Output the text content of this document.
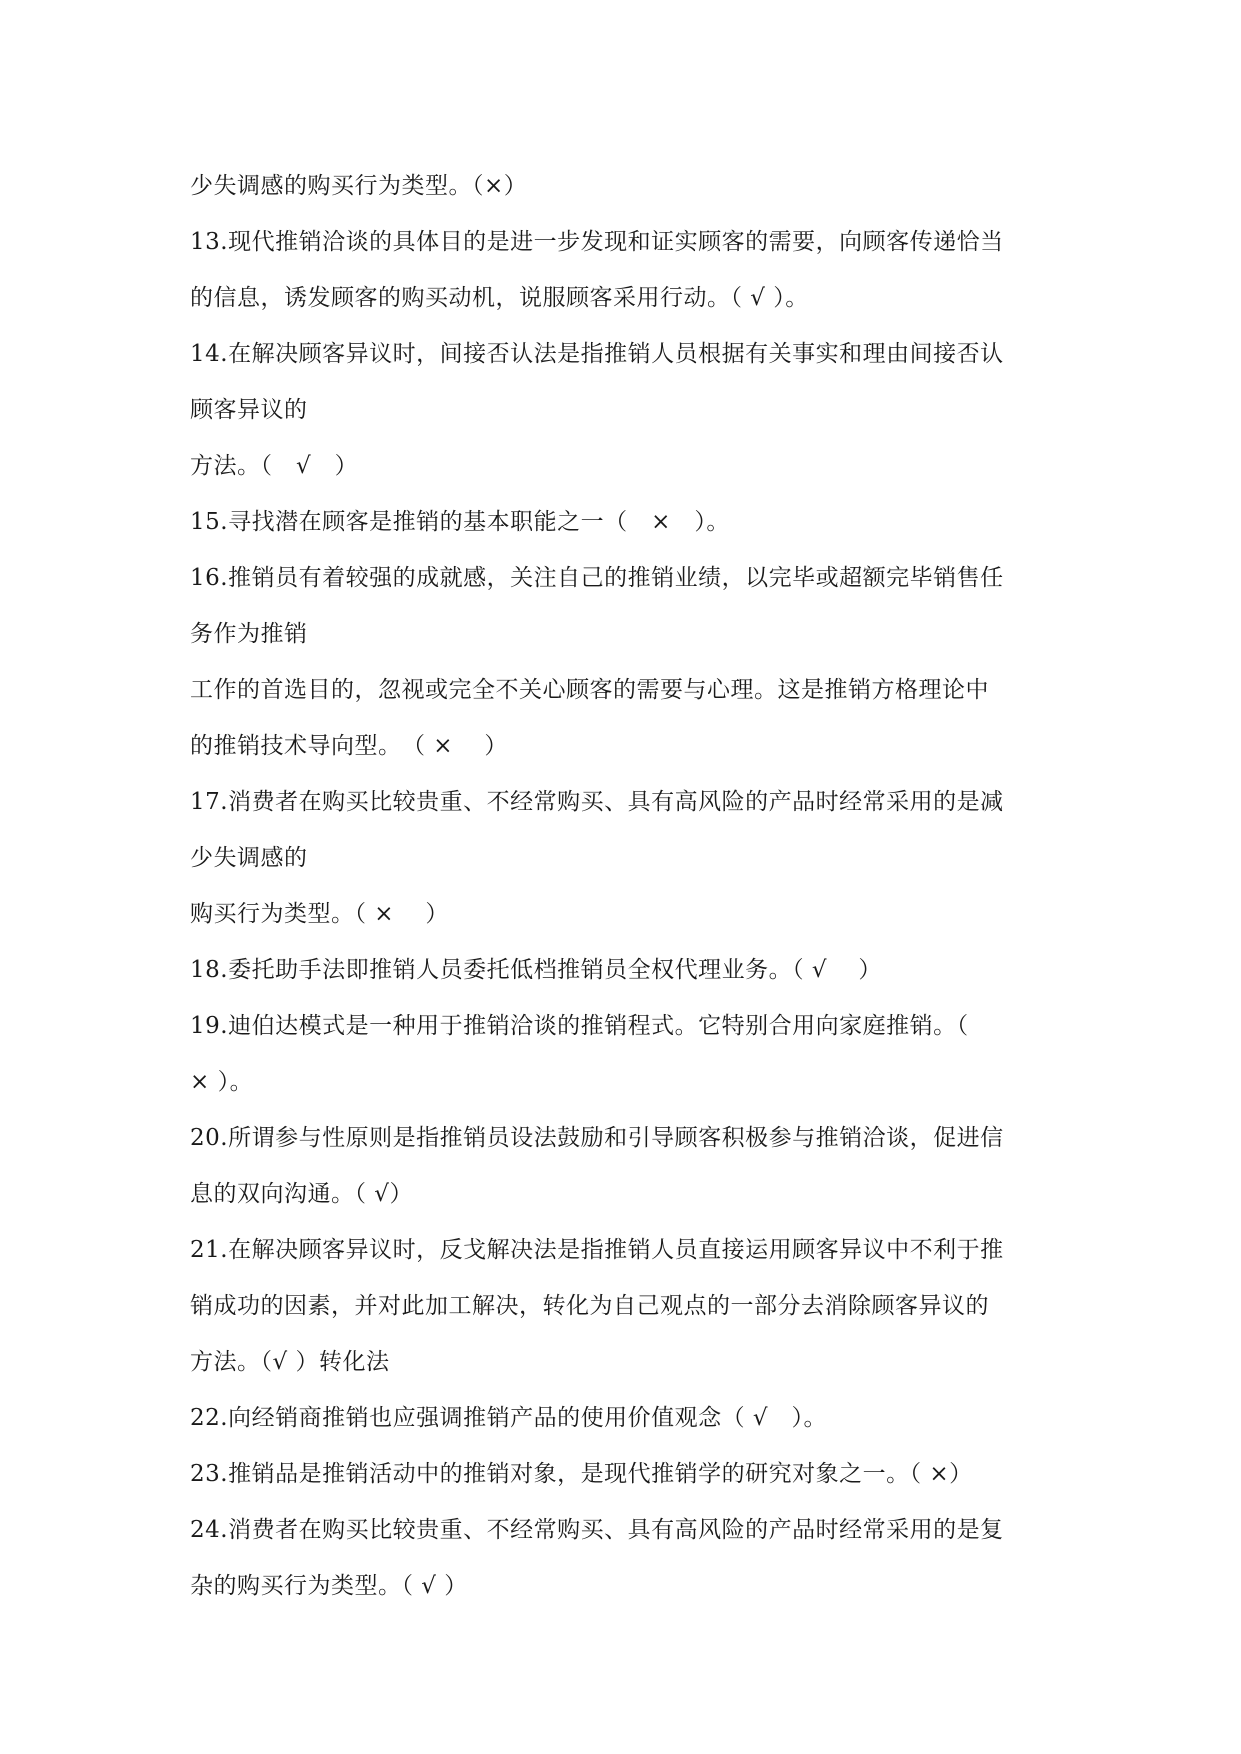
少失调感的购买行为类型。（×）
13.现代推销洽谈的具体目的是进一步发现和证实顾客的需要，向顾客传递恰当
的信息，诱发顾客的购买动机，说服顾客采用行动。（ √ ）。
14.在解决顾客异议时，间接否认法是指推销人员根据有关事实和理由间接否认
顾客异议的
方法。（　√　）
15.寻找潜在顾客是推销的基本职能之一（　×　）。
16.推销员有着较强的成就感，关注自己的推销业绩，以完毕或超额完毕销售任
务作为推销
工作的首选目的，忽视或完全不关心顾客的需要与心理。这是推销方格理论中
的推销技术导向型。　（ ×　 ）
17.消费者在购买比较贵重、不经常购买、具有高风险的产品时经常采用的是减
少失调感的
购买行为类型。（ ×　 ）
18.委托助手法即推销人员委托低档推销员全权代理业务。（ √　 ）
19.迪伯达模式是一种用于推销洽谈的推销程式。它特别合用向家庭推销。（
× ）。
20.所谓参与性原则是指推销员设法鼓励和引导顾客积极参与推销洽谈，促进信
息的双向沟通。（ √）
21.在解决顾客异议时，反戈解决法是指推销人员直接运用顾客异议中不利于推
销成功的因素，并对此加工解决，转化为自己观点的一部分去消除顾客异议的
方法。（√ ）转化法
22.向经销商推销也应强调推销产品的使用价值观念（ √　）。
23.推销品是推销活动中的推销对象，是现代推销学的研究对象之一。（ ×）
24.消费者在购买比较贵重、不经常购买、具有高风险的产品时经常采用的是复
杂的购买行为类型。（ √ ）
